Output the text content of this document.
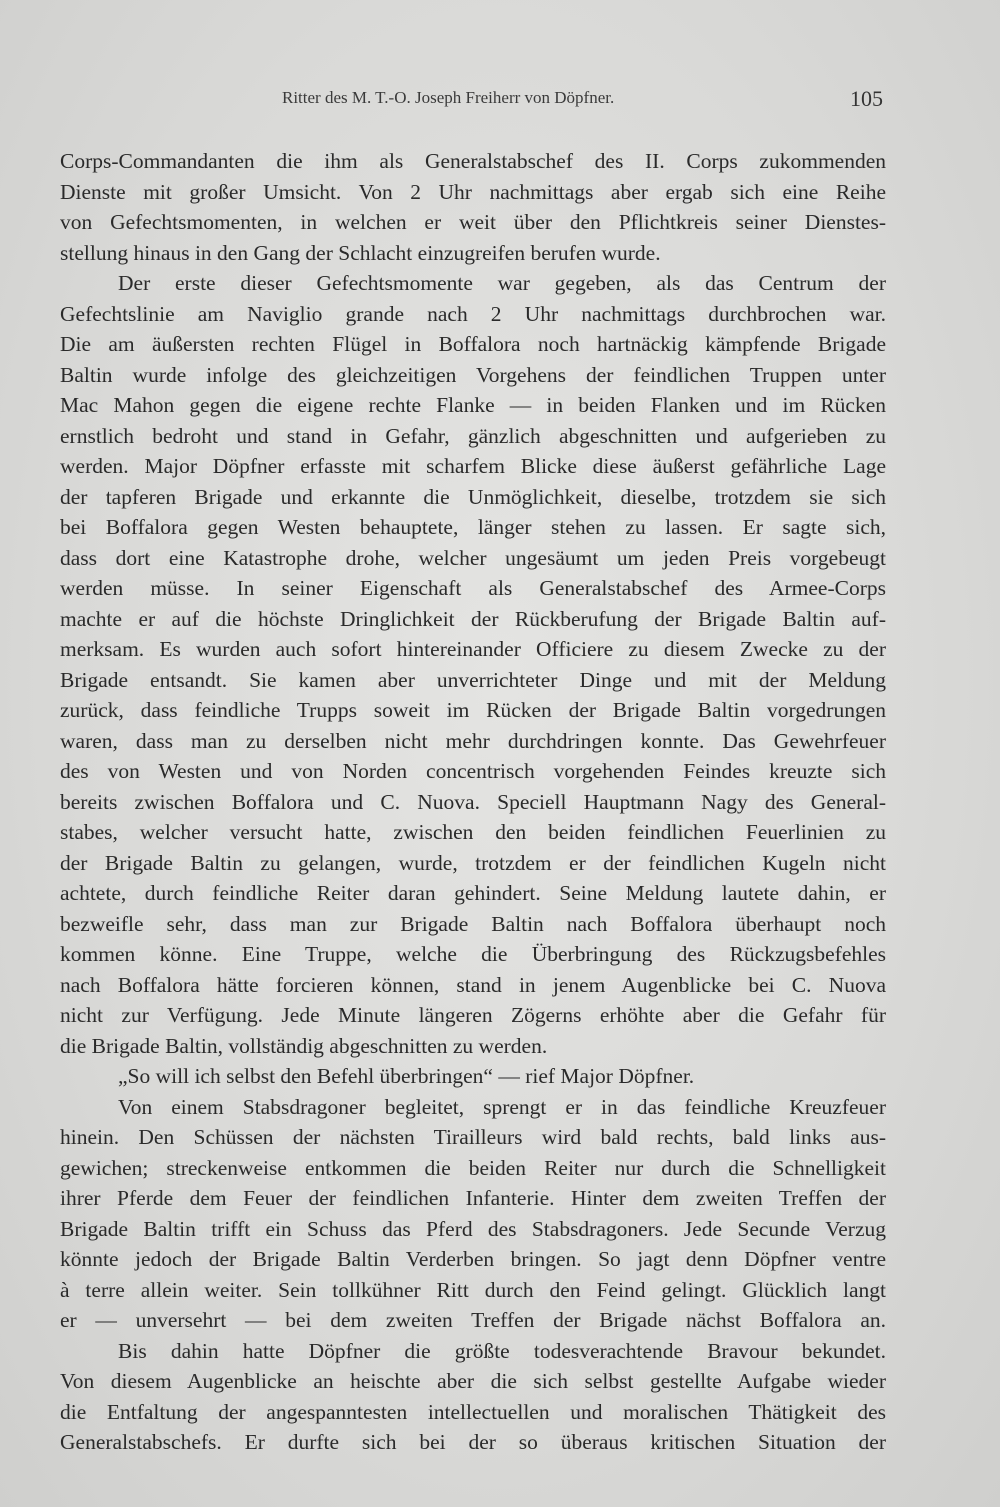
Ritter des M. T.-O. Joseph Freiherr von Döpfner.	105
Corps-Commandanten die ihm als Generalstabschef des II. Corps zukommenden
Dienste mit großer Umsicht. Von 2 Uhr nachmittags aber ergab sich eine Reihe
von Gefechtsmomenten, in welchen er weit über den Pflichtkreis seiner Dienstes-
stellung hinaus in den Gang der Schlacht einzugreifen berufen wurde.
Der erste dieser Gefechtsmomente war gegeben, als das Centrum der
Gefechtslinie am Naviglio grande nach 2 Uhr nachmittags durchbrochen war.
Die am äußersten rechten Flügel in Boffalora noch hartnäckig kämpfende Brigade
Baltin wurde infolge des gleichzeitigen Vorgehens der feindlichen Truppen unter
Mac Mahon gegen die eigene rechte Flanke — in beiden Flanken und im Rücken
ernstlich bedroht und stand in Gefahr, gänzlich abgeschnitten und aufgerieben zu
werden. Major Döpfner erfasste mit scharfem Blicke diese äußerst gefährliche Lage
der tapferen Brigade und erkannte die Unmöglichkeit, dieselbe, trotzdem sie sich
bei Boffalora gegen Westen behauptete, länger stehen zu lassen. Er sagte sich,
dass dort eine Katastrophe drohe, welcher ungesäumt um jeden Preis vorgebeugt
werden müsse. In seiner Eigenschaft als Generalstabschef des Armee-Corps
machte er auf die höchste Dringlichkeit der Rückberufung der Brigade Baltin auf-
merksam. Es wurden auch sofort hintereinander Officiere zu diesem Zwecke zu der
Brigade entsandt. Sie kamen aber unverrichteter Dinge und mit der Meldung
zurück, dass feindliche Trupps soweit im Rücken der Brigade Baltin vorgedrungen
waren, dass man zu derselben nicht mehr durchdringen konnte. Das Gewehrfeuer
des von Westen und von Norden concentrisch vorgehenden Feindes kreuzte sich
bereits zwischen Boffalora und C. Nuova. Speciell Hauptmann Nagy des General-
stabes, welcher versucht hatte, zwischen den beiden feindlichen Feuerlinien zu
der Brigade Baltin zu gelangen, wurde, trotzdem er der feindlichen Kugeln nicht
achtete, durch feindliche Reiter daran gehindert. Seine Meldung lautete dahin, er
bezweifle sehr, dass man zur Brigade Baltin nach Boffalora überhaupt noch
kommen könne. Eine Truppe, welche die Überbringung des Rückzugsbefehles
nach Boffalora hätte forcieren können, stand in jenem Augenblicke bei C. Nuova
nicht zur Verfügung. Jede Minute längeren Zögerns erhöhte aber die Gefahr für
die Brigade Baltin, vollständig abgeschnitten zu werden.
„So will ich selbst den Befehl überbringen“ — rief Major Döpfner.
Von einem Stabsdragoner begleitet, sprengt er in das feindliche Kreuzfeuer
hinein. Den Schüssen der nächsten Tirailleurs wird bald rechts, bald links aus-
gewichen; streckenweise entkommen die beiden Reiter nur durch die Schnelligkeit
ihrer Pferde dem Feuer der feindlichen Infanterie. Hinter dem zweiten Treffen der
Brigade Baltin trifft ein Schuss das Pferd des Stabsdragoners. Jede Secunde Verzug
könnte jedoch der Brigade Baltin Verderben bringen. So jagt denn Döpfner ventre
à terre allein weiter. Sein tollkühner Ritt durch den Feind gelingt. Glücklich langt
er — unversehrt — bei dem zweiten Treffen der Brigade nächst Boffalora an.
Bis dahin hatte Döpfner die größte todesverachtende Bravour bekundet.
Von diesem Augenblicke an heischte aber die sich selbst gestellte Aufgabe wieder
die Entfaltung der angespanntesten intellectuellen und moralischen Thätigkeit des
Generalstabschefs. Er durfte sich bei der so überaus kritischen Situation der
